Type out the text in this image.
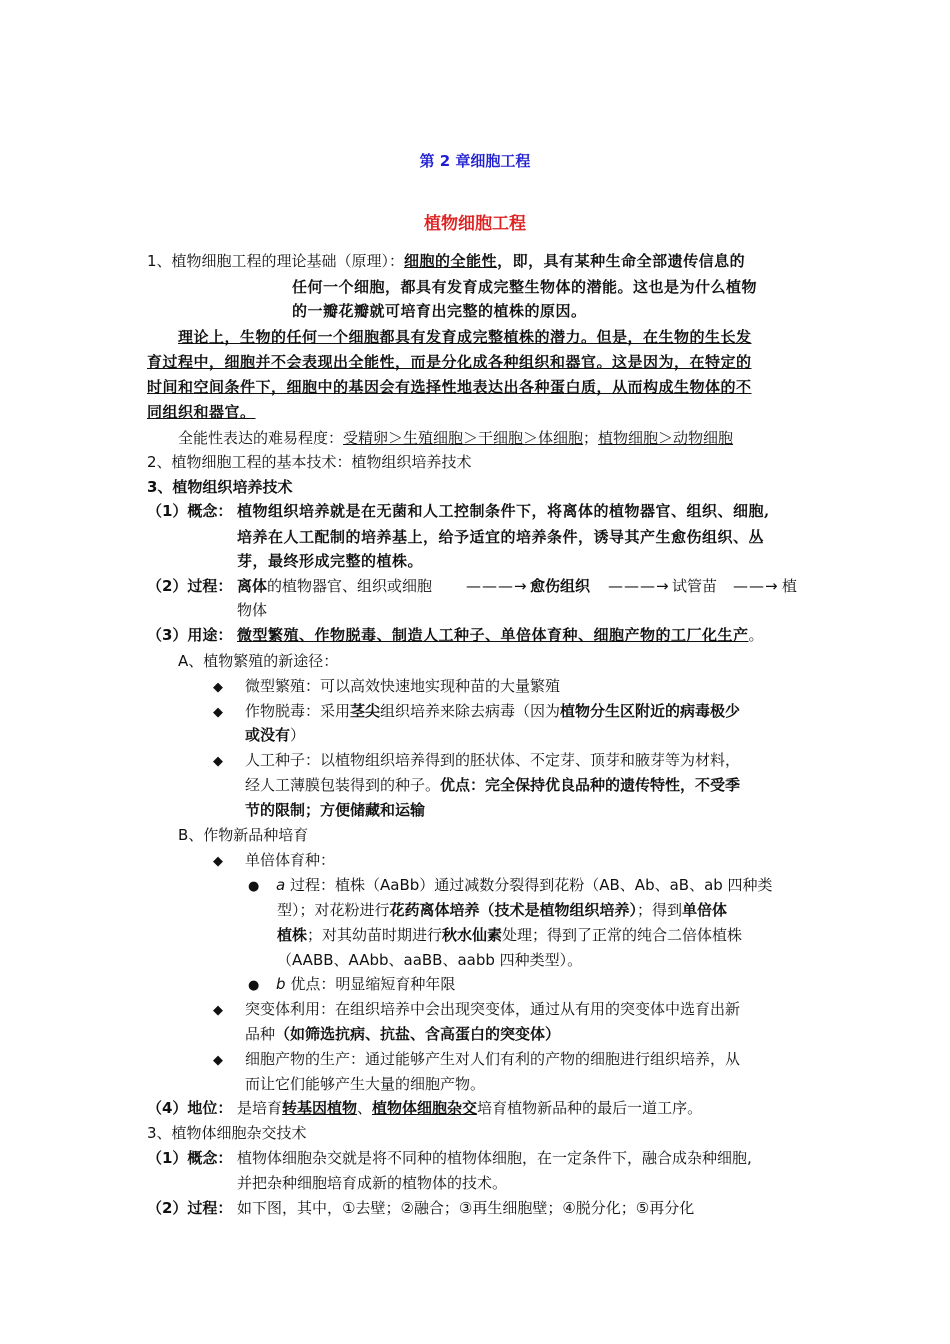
第 2 章细胞工程
植物细胞工程
1、植物细胞工程的理论基础（原理）：细胞的全能性，即，具有某种生命全部遗传信息的
任何一个细胞，都具有发育成完整生物体的潜能。这也是为什么植物
的一瓣花瓣就可培育出完整的植株的原因。
理论上，生物的任何一个细胞都具有发育成完整植株的潜力。但是，在生物的生长发
育过程中，细胞并不会表现出全能性，而是分化成各种组织和器官。这是因为，在特定的
时间和空间条件下，细胞中的基因会有选择性地表达出各种蛋白质，从而构成生物体的不
同组织和器官。
全能性表达的难易程度：受精卵＞生殖细胞＞干细胞＞体细胞；植物细胞＞动物细胞
2、植物细胞工程的基本技术：植物组织培养技术
3、植物组织培养技术
（1）概念： 植物组织培养就是在无菌和人工控制条件下，将离体的植物器官、组织、细胞,
培养在人工配制的培养基上，给予适宜的培养条件，诱导其产生愈伤组织、丛
芽，最终形成完整的植株。
（2）过程： 离体的植物器官、组织或细胞 ———→ 愈伤组织 ———→ 试管苗 ——→ 植
物体
（3）用途： 微型繁殖、作物脱毒、制造人工种子、单倍体育种、细胞产物的工厂化生产。
A、植物繁殖的新途径：
◆ 微型繁殖：可以高效快速地实现种苗的大量繁殖
◆ 作物脱毒：采用茎尖组织培养来除去病毒（因为植物分生区附近的病毒极少
或没有）
◆ 人工种子：以植物组织培养得到的胚状体、不定芽、顶芽和腋芽等为材料，
经人工薄膜包装得到的种子。优点：完全保持优良品种的遗传特性，不受季
节的限制；方便储藏和运输
B、作物新品种培育
◆ 单倍体育种：
● a 过程：植株（AaBb）通过减数分裂得到花粉（AB、Ab、aB、ab 四种类
型）；对花粉进行花药离体培养（技术是植物组织培养）；得到单倍体
植株；对其幼苗时期进行秋水仙素处理；得到了正常的纯合二倍体植株
（AABB、AAbb、aaBB、aabb 四种类型）。
● b 优点：明显缩短育种年限
◆ 突变体利用：在组织培养中会出现突变体，通过从有用的突变体中选育出新
品种（如筛选抗病、抗盐、含高蛋白的突变体）
◆ 细胞产物的生产：通过能够产生对人们有利的产物的细胞进行组织培养，从
而让它们能够产生大量的细胞产物。
（4）地位： 是培育转基因植物、植物体细胞杂交培育植物新品种的最后一道工序。
3、植物体细胞杂交技术
（1）概念： 植物体细胞杂交就是将不同种的植物体细胞，在一定条件下，融合成杂种细胞,
并把杂种细胞培育成新的植物体的技术。
（2）过程： 如下图，其中，①去壁；②融合；③再生细胞壁；④脱分化；⑤再分化
